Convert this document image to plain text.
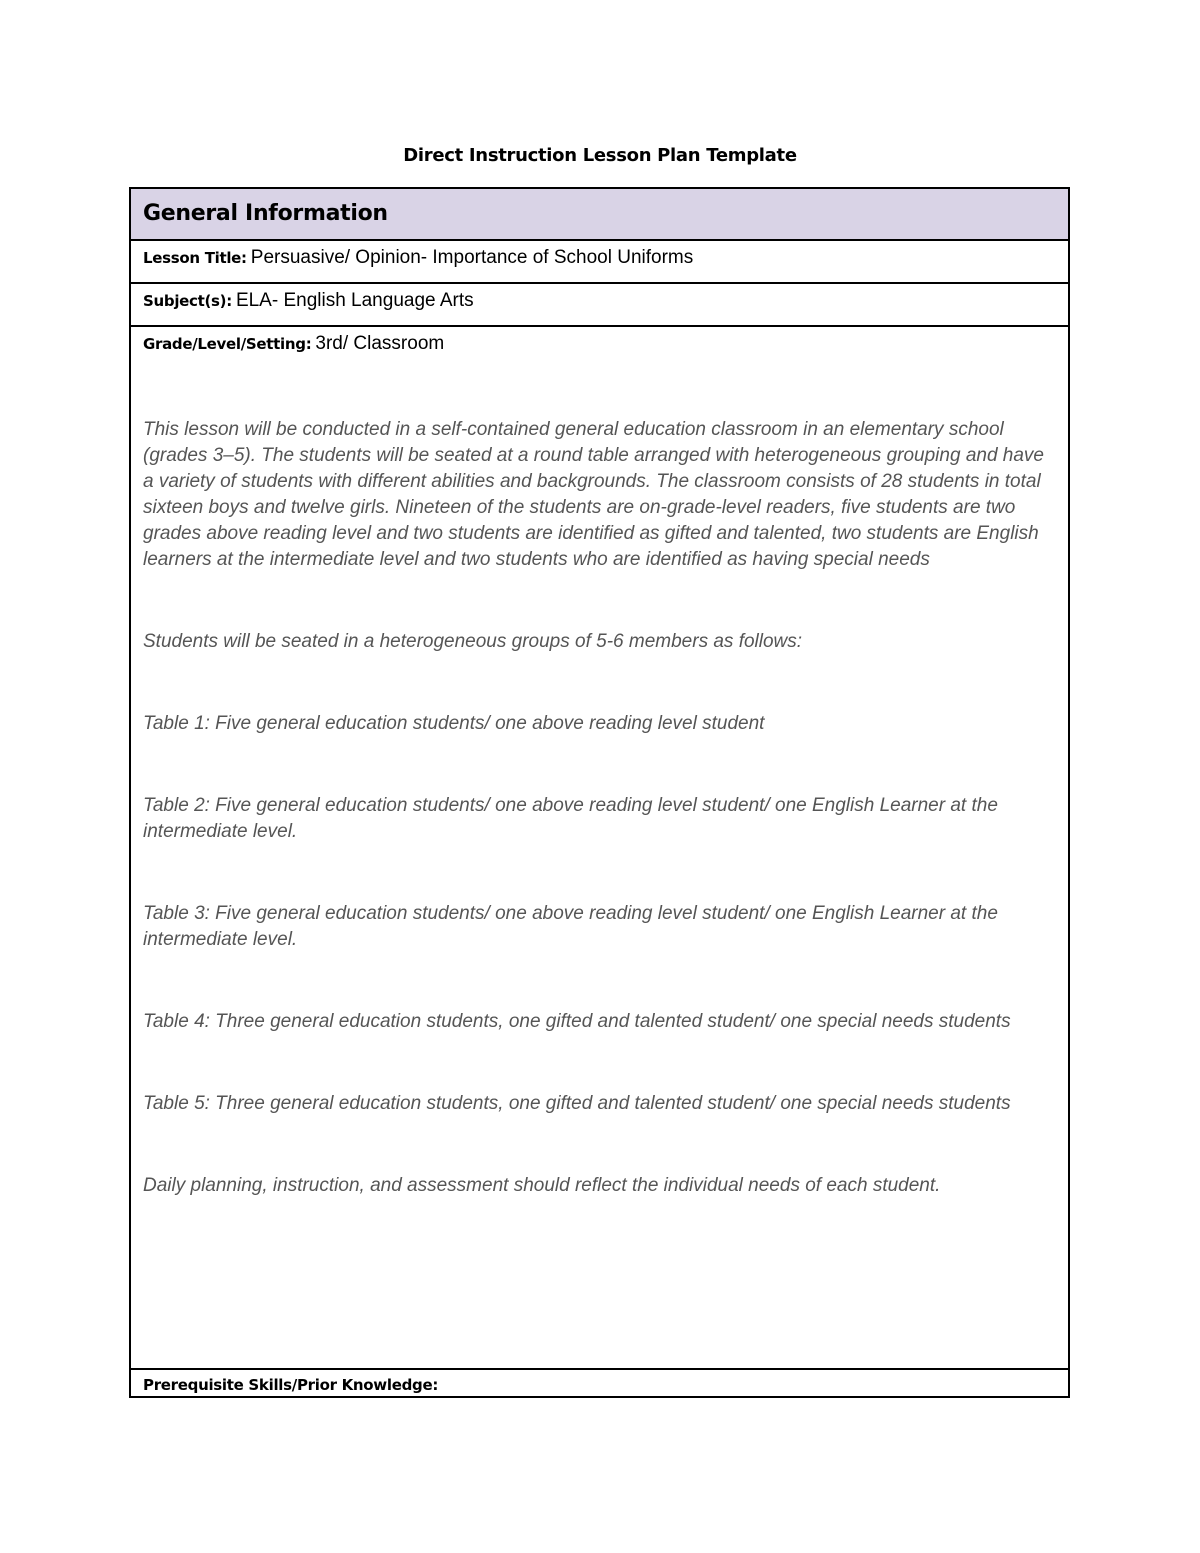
Direct Instruction Lesson Plan Template
General Information
Lesson Title: Persuasive/ Opinion- Importance of School Uniforms
Subject(s): ELA- English Language Arts
Grade/Level/Setting: 3rd/ Classroom

This lesson will be conducted in a self-contained general education classroom in an elementary school (grades 3–5). The students will be seated at a round table arranged with heterogeneous grouping and have a variety of students with different abilities and backgrounds. The classroom consists of 28 students in total sixteen boys and twelve girls. Nineteen of the students are on-grade-level readers, five students are two grades above reading level and two students are identified as gifted and talented, two students are English learners at the intermediate level and two students who are identified as having special needs

Students will be seated in a heterogeneous groups of 5-6 members as follows:

Table 1: Five general education students/ one above reading level student

Table 2: Five general education students/ one above reading level student/ one English Learner at the intermediate level.

Table 3: Five general education students/ one above reading level student/ one English Learner at the intermediate level.

Table 4: Three general education students, one gifted and talented student/ one special needs students

Table 5: Three general education students, one gifted and talented student/ one special needs students

Daily planning, instruction, and assessment should reflect the individual needs of each student.

Prerequisite Skills/Prior Knowledge:
